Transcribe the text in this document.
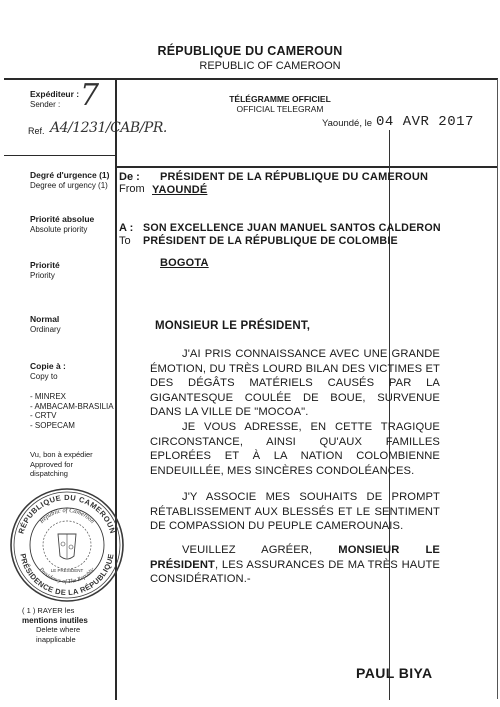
RÉPUBLIQUE DU CAMEROUN
REPUBLIC OF CAMEROON
Expéditeur :
Sender : 7
Ref. A4/1231/CAB/PR.
Degré d'urgence (1)
Degree of urgency (1)
Priorité absolue
Absolute priority
Priorité
Priority
Normal
Ordinary
Copie à :
Copy to
- MINREX
- AMBACAM-BRASILIA
- CRTV
- SOPECAM
Vu, bon à expédier
Approved for
dispatching
RÉPUBLIQUE DU CAMEROUN
PRÉSIDENCE DE LA RÉPUBLIQUE
Republic of Cameroon
Presidency of The Republic
LE PRÉSIDENT
( 1 ) RAYER les
mentions inutiles
Delete where
inapplicable
TÉLÉGRAMME OFFICIEL
OFFICIAL TELEGRAM
Yaoundé, le 04 AVR 2017
De :
From
PRÉSIDENT DE LA RÉPUBLIQUE DU CAMEROUN
YAOUNDÉ
A :
To
SON EXCELLENCE JUAN MANUEL SANTOS CALDERON
PRÉSIDENT DE LA RÉPUBLIQUE DE COLOMBIE
BOGOTA
MONSIEUR LE PRÉSIDENT,
J'AI PRIS CONNAISSANCE AVEC UNE GRANDE ÉMOTION, DU TRÈS LOURD BILAN DES VICTIMES ET DES DÉGÂTS MATÉRIELS CAUSÉS PAR LA GIGANTESQUE COULÉE DE BOUE, SURVENUE DANS LA VILLE DE "MOCOA".
JE VOUS ADRESSE, EN CETTE TRAGIQUE CIRCONSTANCE, AINSI QU'AUX FAMILLES EPLORÉES ET À LA NATION COLOMBIENNE ENDEUILLÉE, MES SINCÈRES CONDOLÉANCES.
J'Y ASSOCIE MES SOUHAITS DE PROMPT RÉTABLISSEMENT AUX BLESSÉS ET LE SENTIMENT DE COMPASSION DU PEUPLE CAMEROUNAIS.
VEUILLEZ AGRÉER, MONSIEUR LE PRÉSIDENT, LES ASSURANCES DE MA TRÈS HAUTE CONSIDÉRATION.-
PAUL BIYA
